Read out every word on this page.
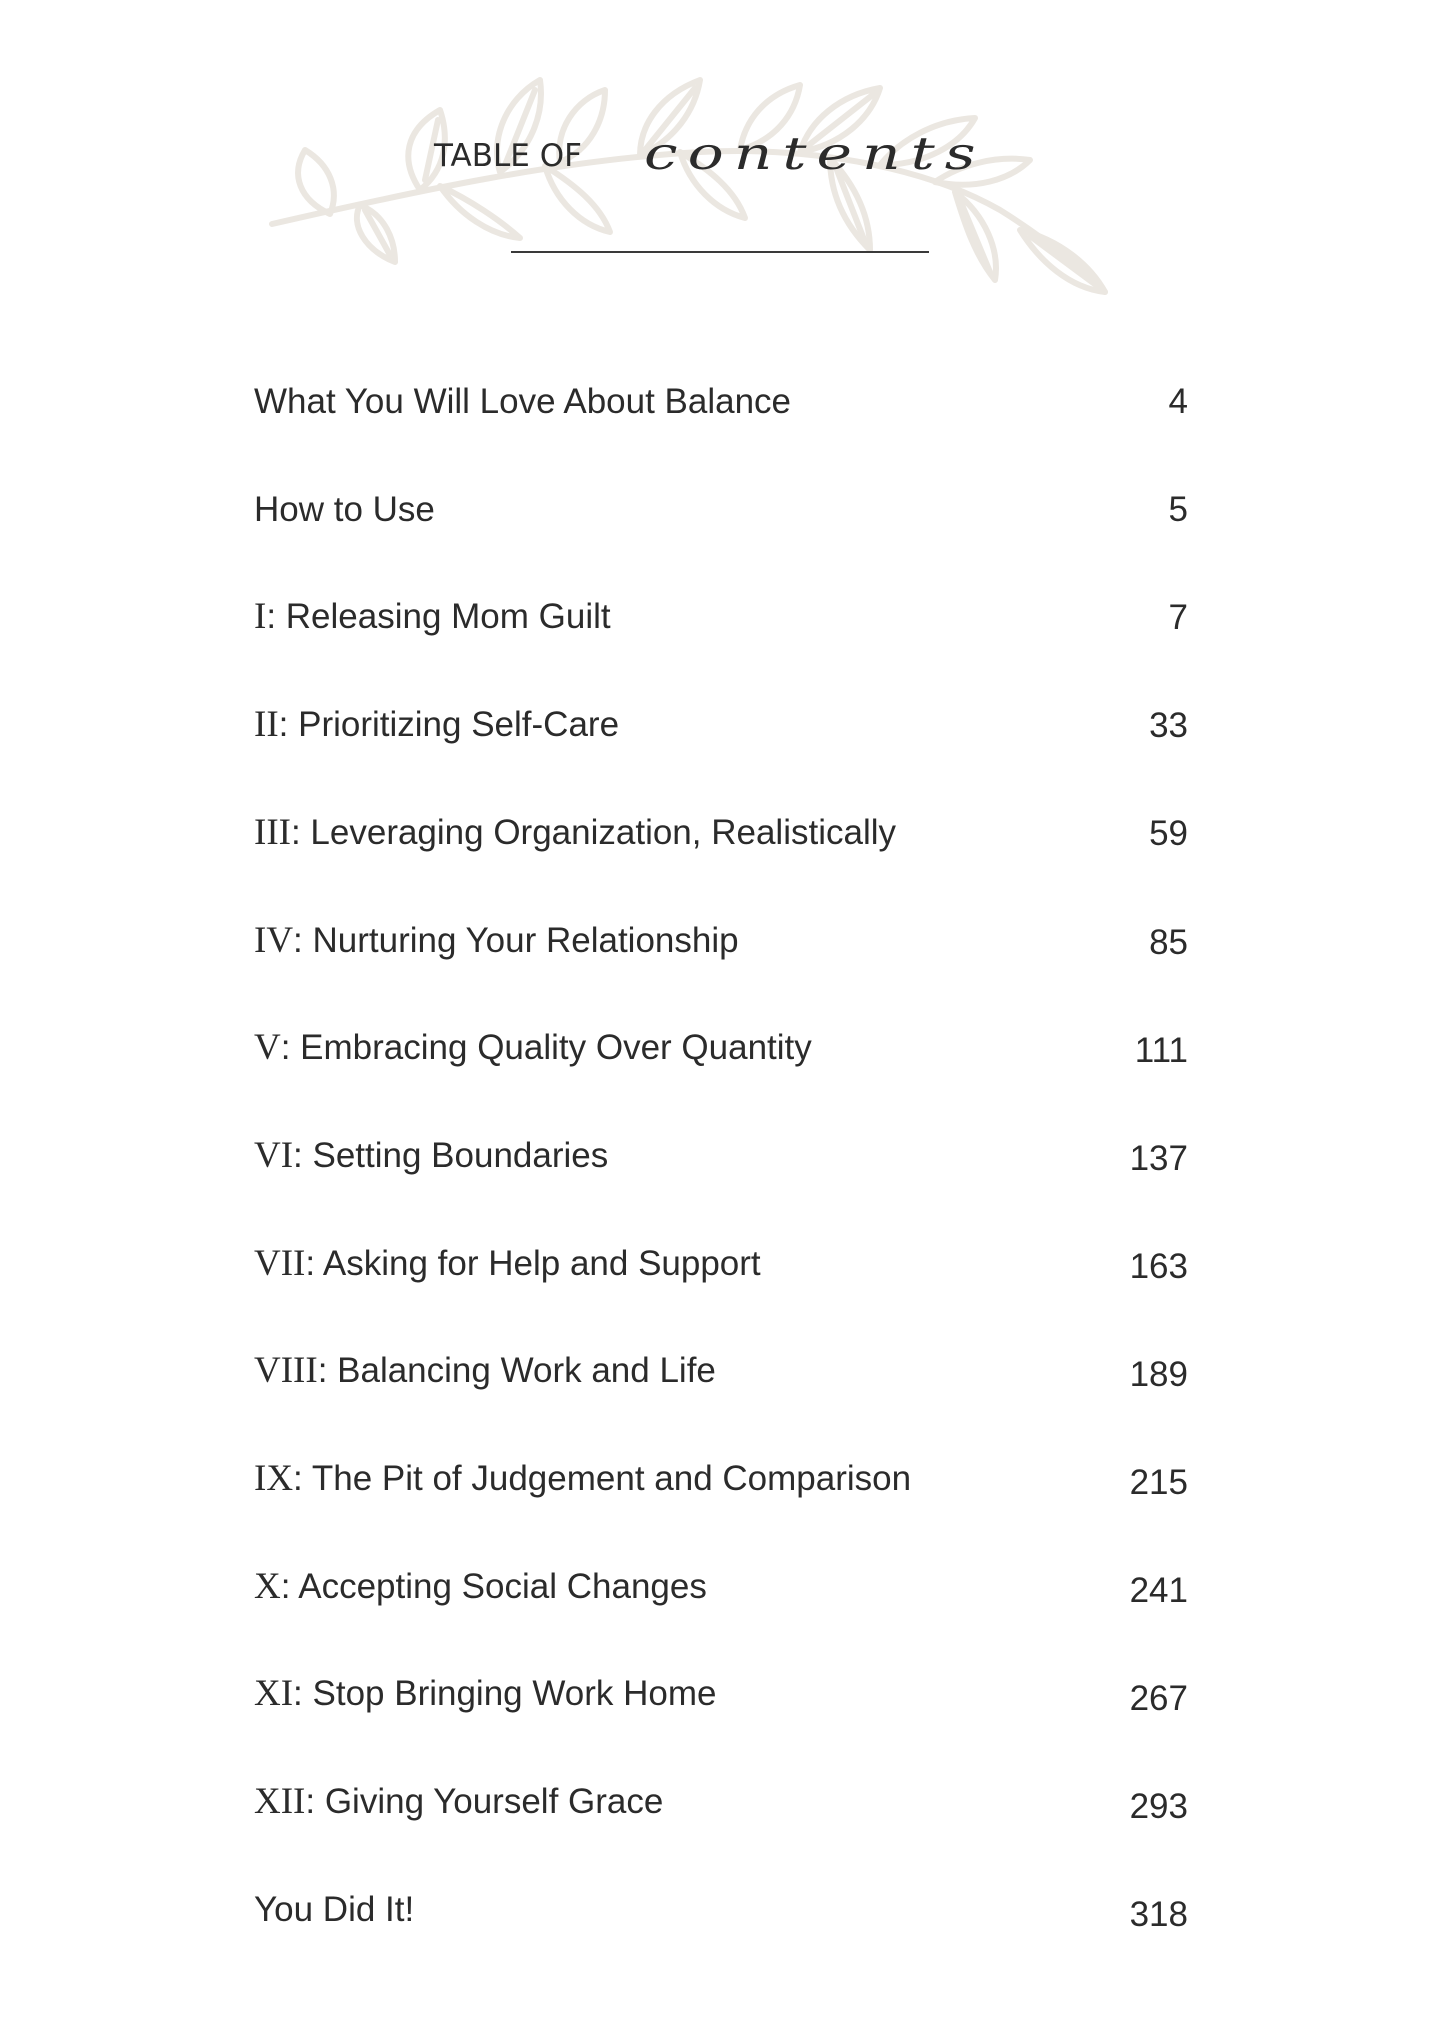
TABLE OF contents
What You Will Love About Balance	4
How to Use	5
I: Releasing Mom Guilt	7
II: Prioritizing Self-Care	33
III: Leveraging Organization, Realistically	59
IV: Nurturing Your Relationship	85
V: Embracing Quality Over Quantity	111
VI: Setting Boundaries	137
VII: Asking for Help and Support	163
VIII: Balancing Work and Life	189
IX: The Pit of Judgement and Comparison	215
X: Accepting Social Changes	241
XI: Stop Bringing Work Home	267
XII: Giving Yourself Grace	293
You Did It!	318
